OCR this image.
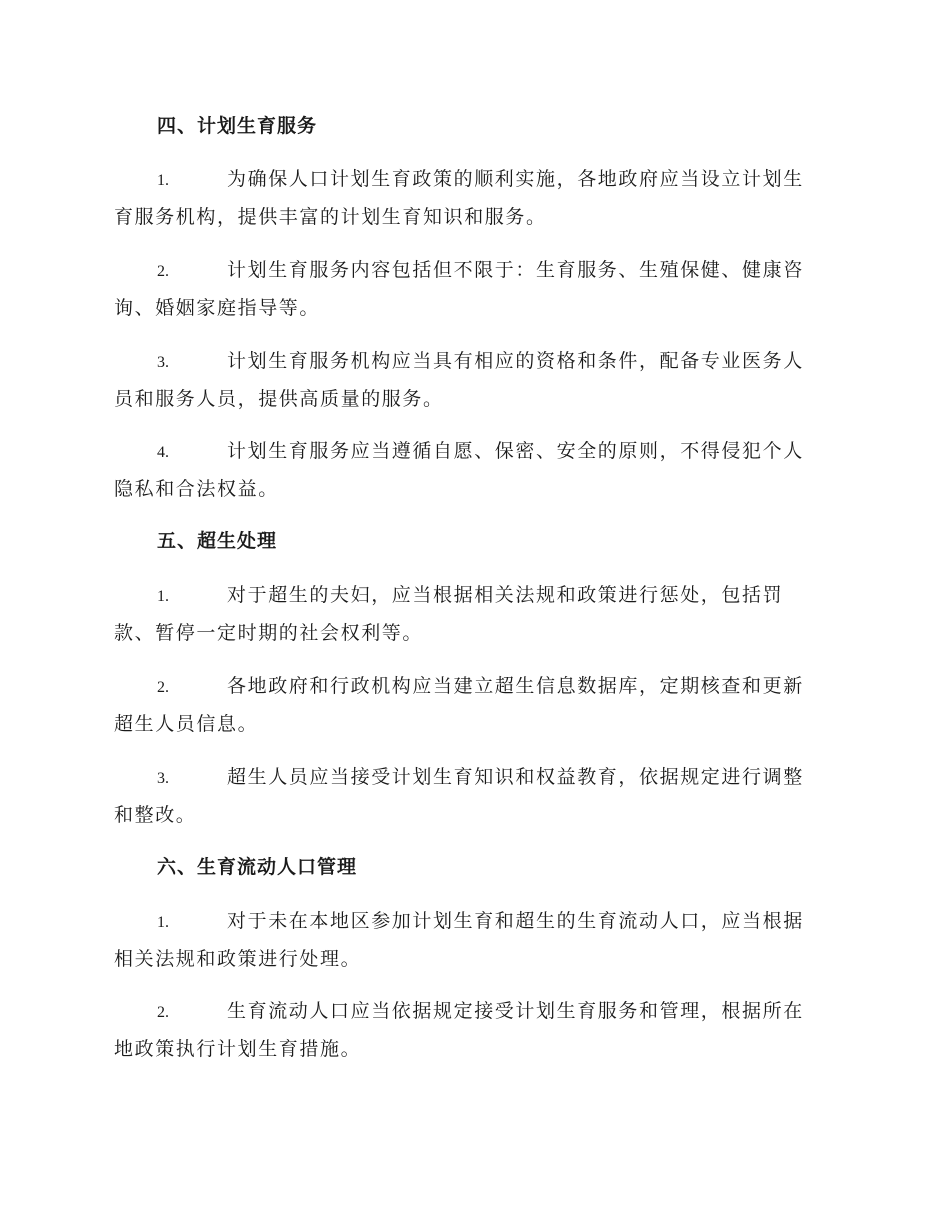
四、计划生育服务
1.	为确保人口计划生育政策的顺利实施，各地政府应当设立计划生
育服务机构，提供丰富的计划生育知识和服务。
2.	计划生育服务内容包括但不限于：生育服务、生殖保健、健康咨
询、婚姻家庭指导等。
3.	计划生育服务机构应当具有相应的资格和条件，配备专业医务人
员和服务人员，提供高质量的服务。
4.	计划生育服务应当遵循自愿、保密、安全的原则，不得侵犯个人
隐私和合法权益。
五、超生处理
1.	对于超生的夫妇，应当根据相关法规和政策进行惩处，包括罚
款、暂停一定时期的社会权利等。
2.	各地政府和行政机构应当建立超生信息数据库，定期核查和更新
超生人员信息。
3.	超生人员应当接受计划生育知识和权益教育，依据规定进行调整
和整改。
六、生育流动人口管理
1.	对于未在本地区参加计划生育和超生的生育流动人口，应当根据
相关法规和政策进行处理。
2.	生育流动人口应当依据规定接受计划生育服务和管理，根据所在
地政策执行计划生育措施。
